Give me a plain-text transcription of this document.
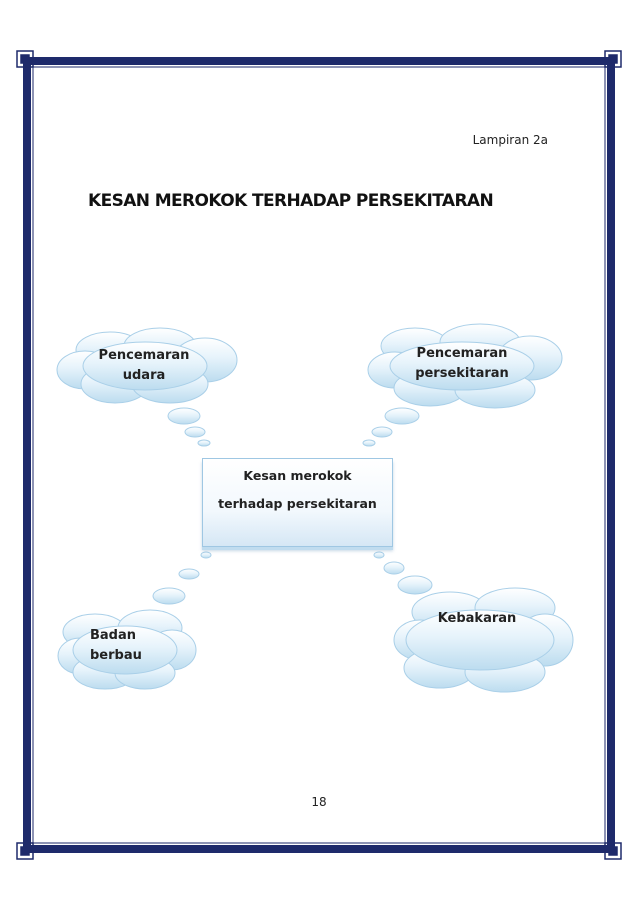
Lampiran 2a
KESAN MEROKOK TERHADAP PERSEKITARAN
Pencemaran
udara
Pencemaran
persekitaran
Badan
berbau
Kebakaran
Kesan merokok
terhadap persekitaran
18
